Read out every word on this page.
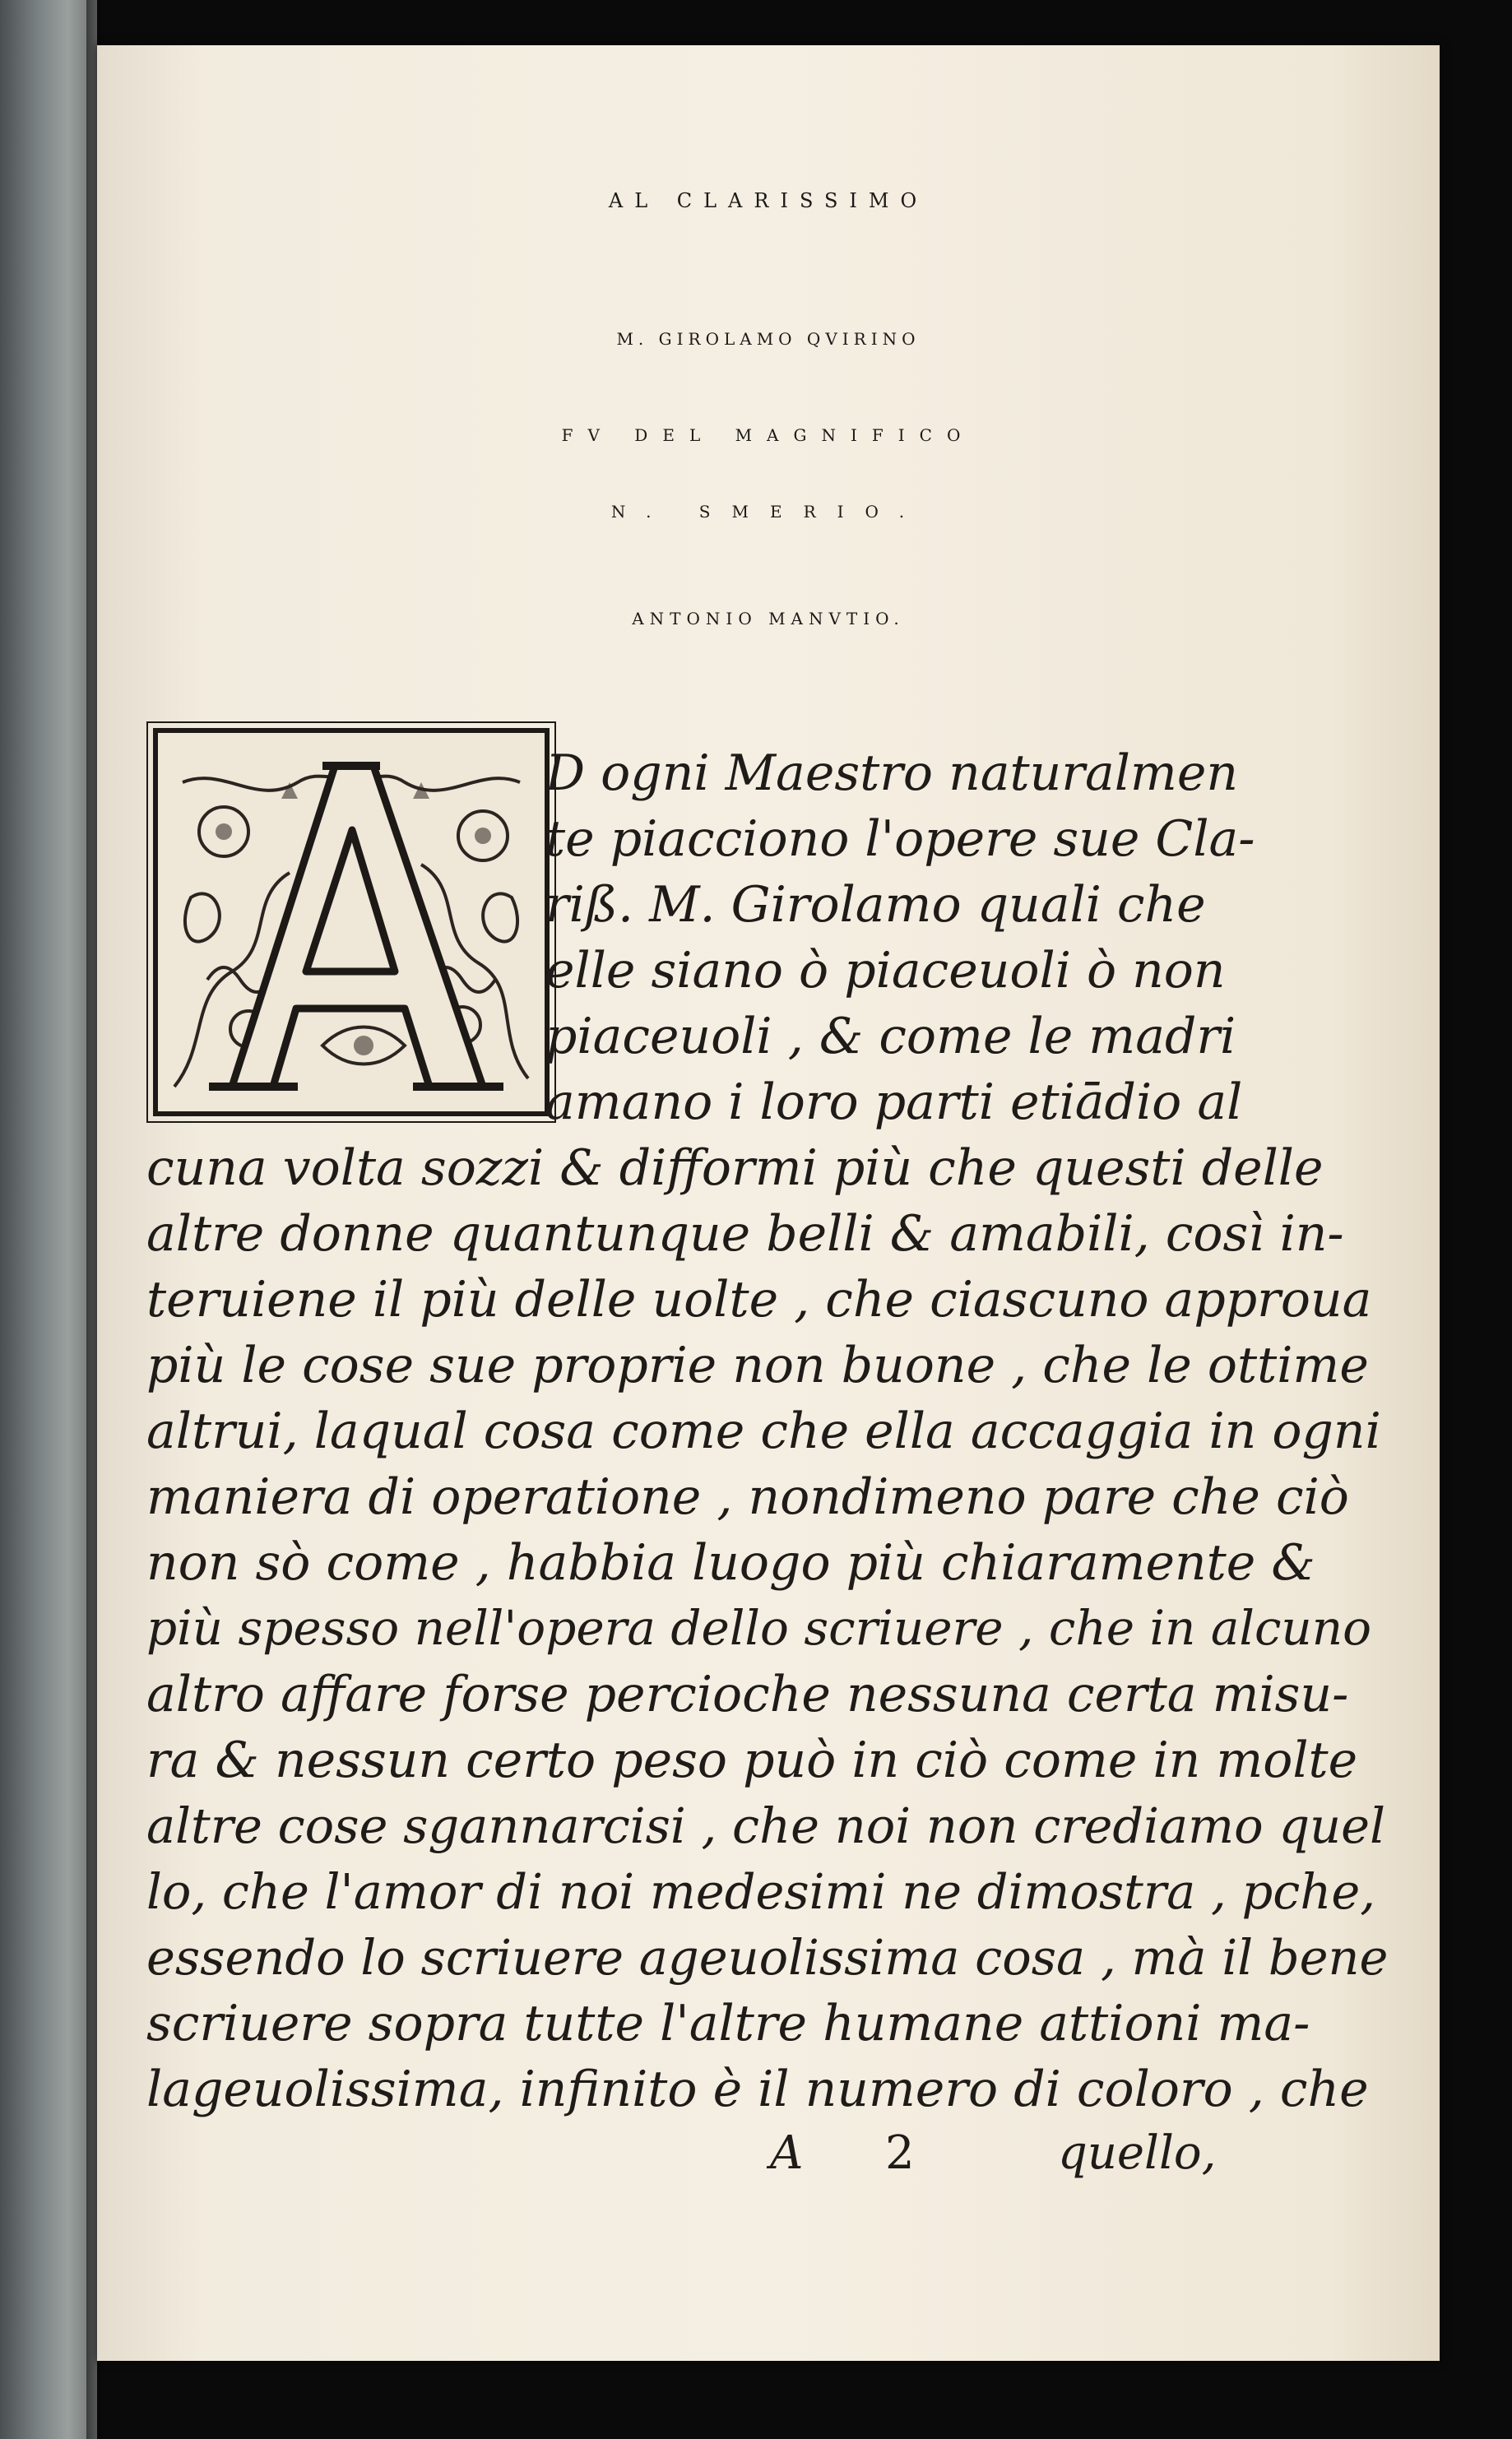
AL CLARISSIMO
M. GIROLAMO QVIRINO
FV DEL MAGNIFICO
N. SMERIO.
ANTONIO MANVTIO.
D ogni Maestro naturalmen
te piacciono l'opere sue Cla-
riß. M. Girolamo quali che
elle siano ò piaceuoli ò non
piaceuoli , & come le madri
amano i loro parti etiādio al
cuna volta sozzi & difformi più che questi delle
altre donne quantunque belli & amabili, così in-
teruiene il più delle uolte , che ciascuno approua
più le cose sue proprie non buone , che le ottime
altrui, laqual cosa come che ella accaggia in ogni
maniera di operatione , nondimeno pare che ciò
non sò come , habbia luogo più chiaramente &
più spesso nell'opera dello scriuere , che in alcuno
altro affare forse percioche nessuna certa misu-
ra & nessun certo peso può in ciò come in molte
altre cose sgannarcisi , che noi non crediamo quel
lo, che l'amor di noi medesimi ne dimostra , pche,
essendo lo scriuere ageuolissima cosa , mà il bene
scriuere sopra tutte l'altre humane attioni ma-
lageuolissima, infinito è il numero di coloro , che
A 2	quello,
